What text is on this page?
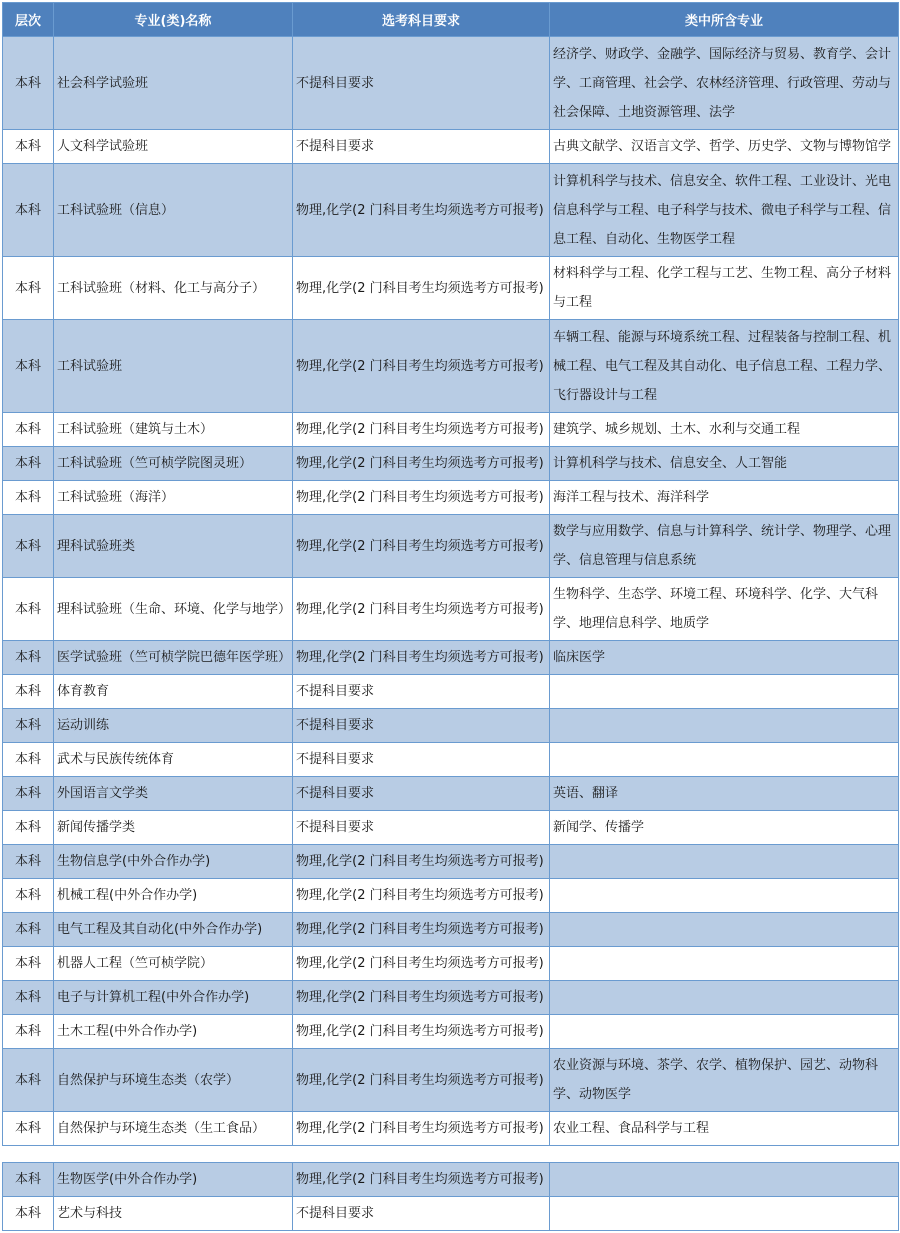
层次	专业(类)名称	选考科目要求	类中所含专业
本科	社会科学试验班	不提科目要求	经济学、财政学、金融学、国际经济与贸易、教育学、会计学、工商管理、社会学、农林经济管理、行政管理、劳动与社会保障、土地资源管理、法学
本科	人文科学试验班	不提科目要求	古典文献学、汉语言文学、哲学、历史学、文物与博物馆学
本科	工科试验班（信息）	物理,化学(2 门科目考生均须选考方可报考)	计算机科学与技术、信息安全、软件工程、工业设计、光电信息科学与工程、电子科学与技术、微电子科学与工程、信息工程、自动化、生物医学工程
本科	工科试验班（材料、化工与高分子）	物理,化学(2 门科目考生均须选考方可报考)	材料科学与工程、化学工程与工艺、生物工程、高分子材料与工程
本科	工科试验班	物理,化学(2 门科目考生均须选考方可报考)	车辆工程、能源与环境系统工程、过程装备与控制工程、机械工程、电气工程及其自动化、电子信息工程、工程力学、飞行器设计与工程
本科	工科试验班（建筑与土木）	物理,化学(2 门科目考生均须选考方可报考)	建筑学、城乡规划、土木、水利与交通工程
本科	工科试验班（竺可桢学院图灵班）	物理,化学(2 门科目考生均须选考方可报考)	计算机科学与技术、信息安全、人工智能
本科	工科试验班（海洋）	物理,化学(2 门科目考生均须选考方可报考)	海洋工程与技术、海洋科学
本科	理科试验班类	物理,化学(2 门科目考生均须选考方可报考)	数学与应用数学、信息与计算科学、统计学、物理学、心理学、信息管理与信息系统
本科	理科试验班（生命、环境、化学与地学）	物理,化学(2 门科目考生均须选考方可报考)	生物科学、生态学、环境工程、环境科学、化学、大气科学、地理信息科学、地质学
本科	医学试验班（竺可桢学院巴德年医学班）	物理,化学(2 门科目考生均须选考方可报考)	临床医学
本科	体育教育	不提科目要求	
本科	运动训练	不提科目要求	
本科	武术与民族传统体育	不提科目要求	
本科	外国语言文学类	不提科目要求	英语、翻译
本科	新闻传播学类	不提科目要求	新闻学、传播学
本科	生物信息学(中外合作办学)	物理,化学(2 门科目考生均须选考方可报考)	
本科	机械工程(中外合作办学)	物理,化学(2 门科目考生均须选考方可报考)	
本科	电气工程及其自动化(中外合作办学)	物理,化学(2 门科目考生均须选考方可报考)	
本科	机器人工程（竺可桢学院）	物理,化学(2 门科目考生均须选考方可报考)	
本科	电子与计算机工程(中外合作办学)	物理,化学(2 门科目考生均须选考方可报考)	
本科	土木工程(中外合作办学)	物理,化学(2 门科目考生均须选考方可报考)	
本科	自然保护与环境生态类（农学）	物理,化学(2 门科目考生均须选考方可报考)	农业资源与环境、茶学、农学、植物保护、园艺、动物科学、动物医学
本科	自然保护与环境生态类（生工食品）	物理,化学(2 门科目考生均须选考方可报考)	农业工程、食品科学与工程
本科	生物医学(中外合作办学)	物理,化学(2 门科目考生均须选考方可报考)	
本科	艺术与科技	不提科目要求	
